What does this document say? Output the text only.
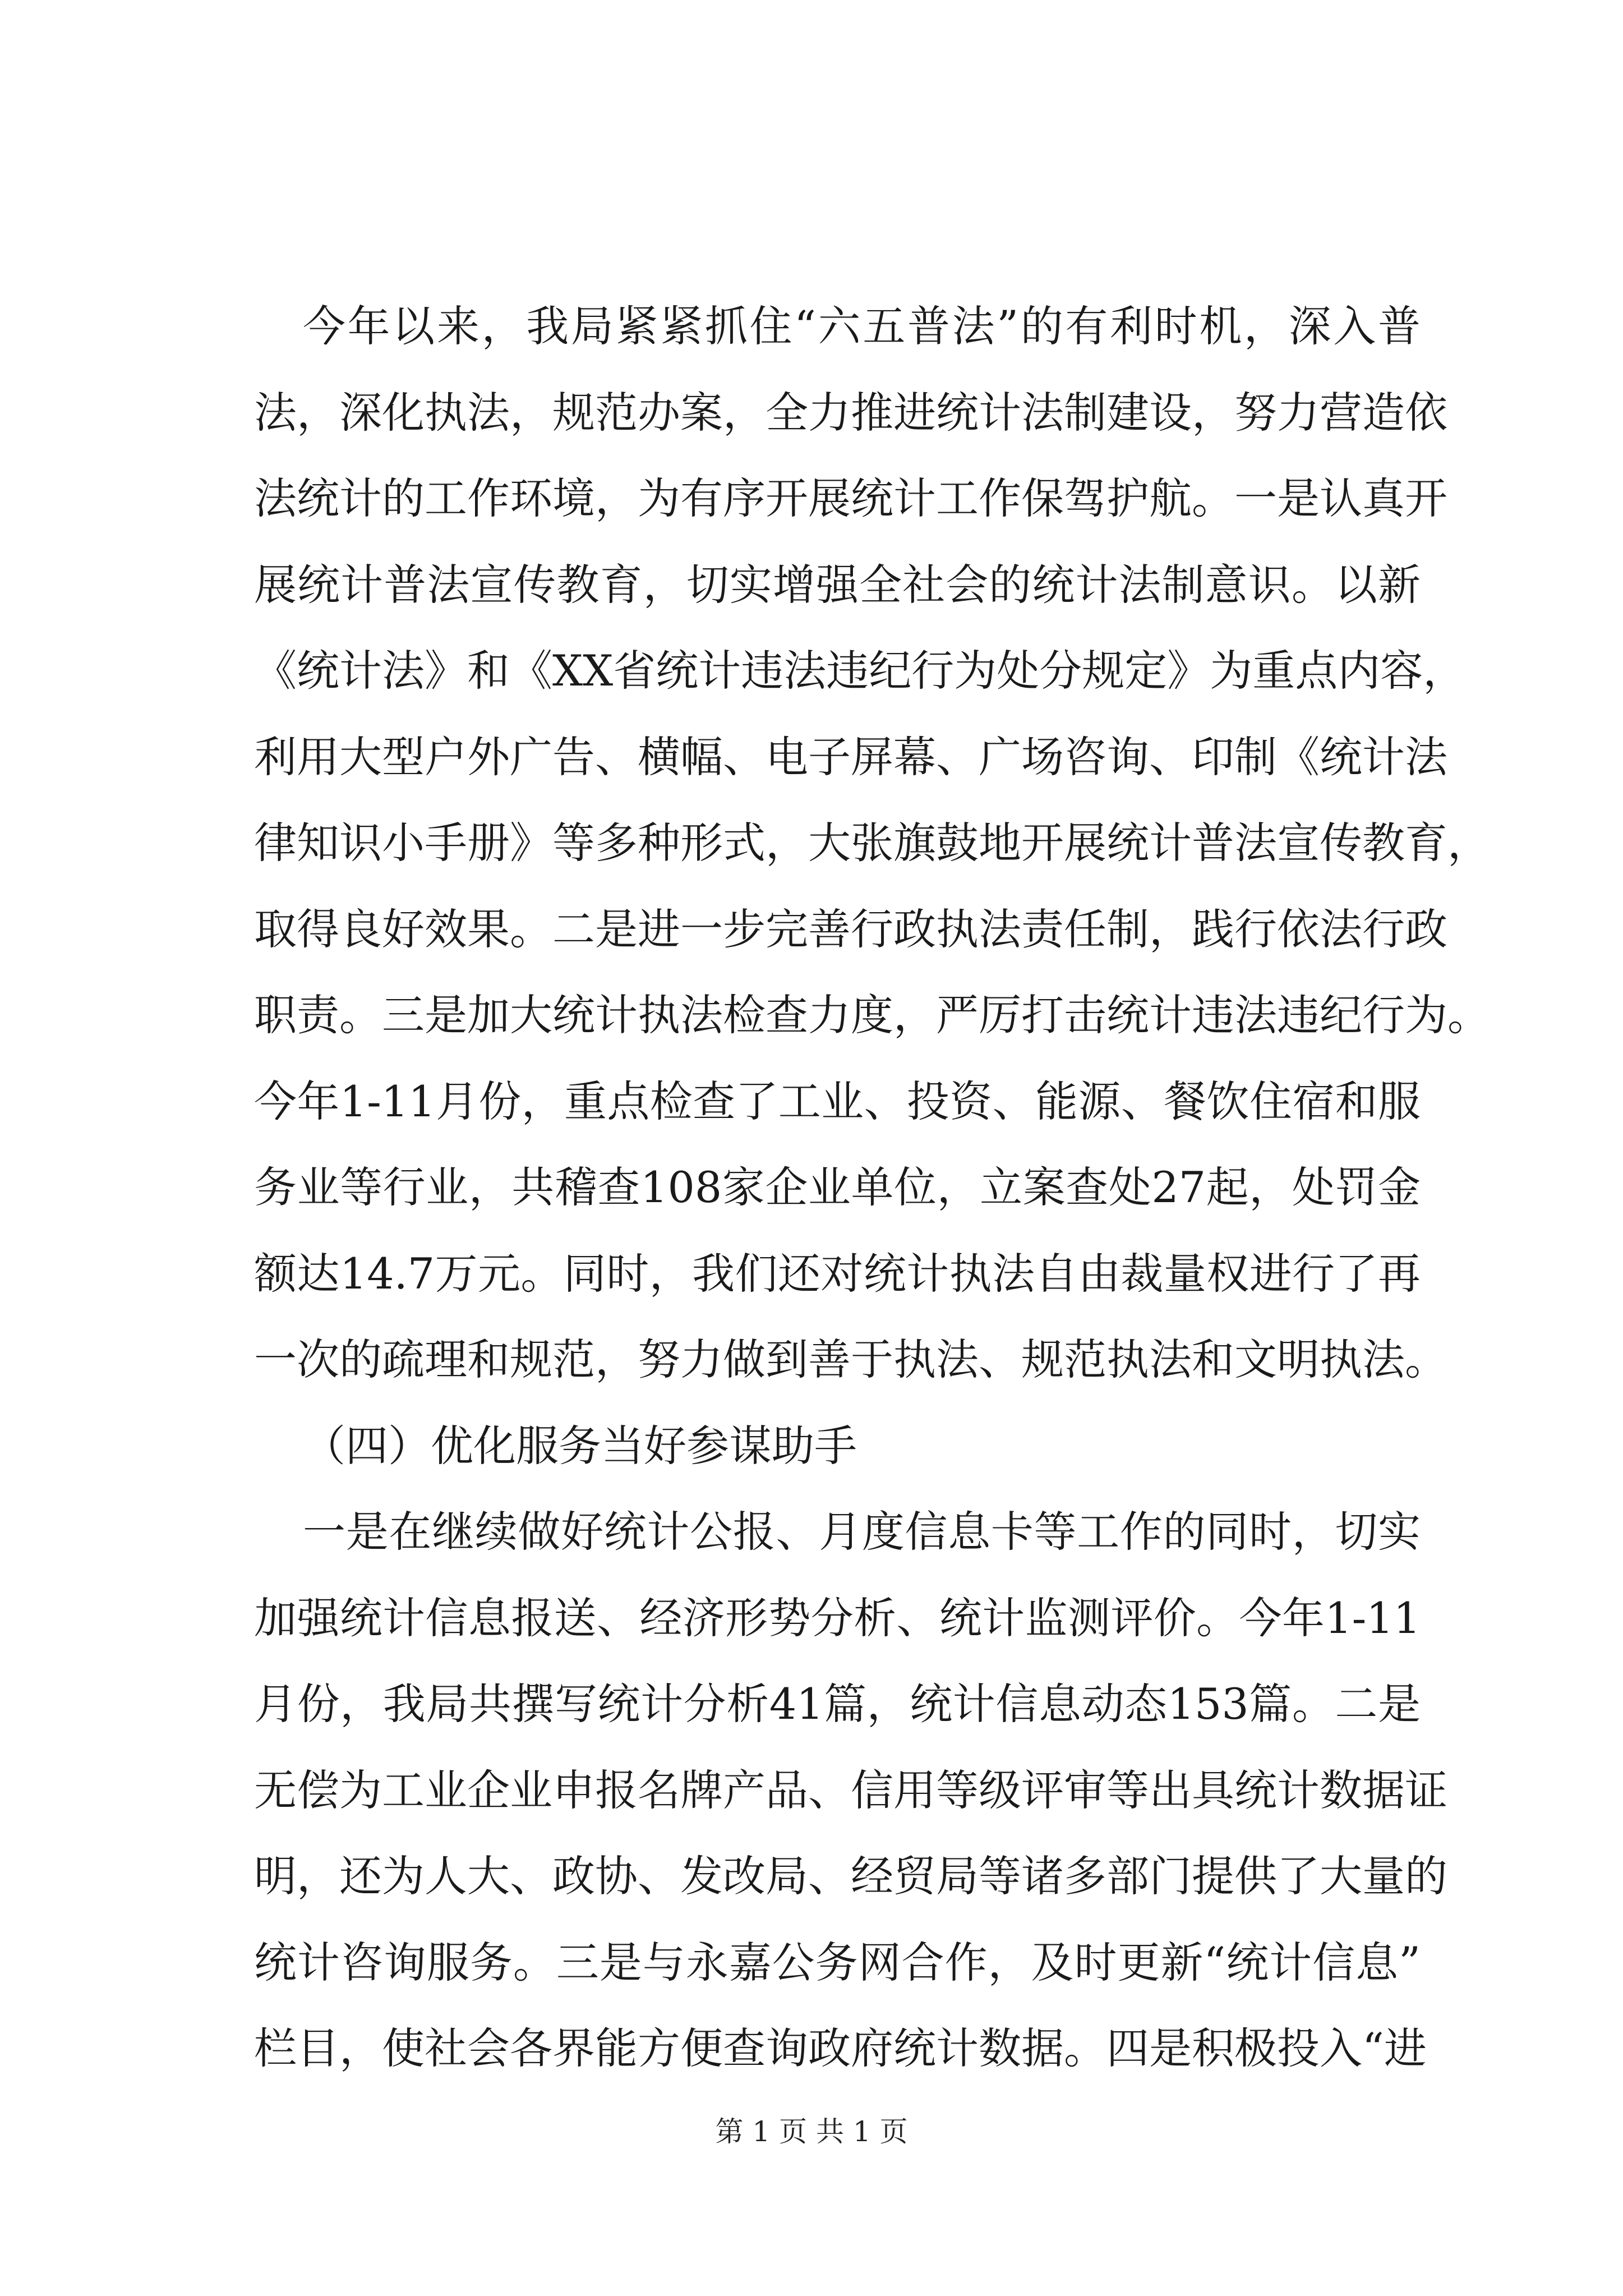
今年以来，我局紧紧抓住“六五普法”的有利时机，深入普
法，深化执法，规范办案，全力推进统计法制建设，努力营造依
法统计的工作环境，为有序开展统计工作保驾护航。一是认真开
展统计普法宣传教育，切实增强全社会的统计法制意识。以新
《统计法》和《XX省统计违法违纪行为处分规定》为重点内容，
利用大型户外广告、横幅、电子屏幕、广场咨询、印制《统计法
律知识小手册》等多种形式，大张旗鼓地开展统计普法宣传教育，
取得良好效果。二是进一步完善行政执法责任制，践行依法行政
职责。三是加大统计执法检查力度，严厉打击统计违法违纪行为。
今年1-11月份，重点检查了工业、投资、能源、餐饮住宿和服
务业等行业，共稽查108家企业单位，立案查处27起，处罚金
额达14.7万元。同时，我们还对统计执法自由裁量权进行了再
一次的疏理和规范，努力做到善于执法、规范执法和文明执法。
（四）优化服务当好参谋助手
一是在继续做好统计公报、月度信息卡等工作的同时，切实
加强统计信息报送、经济形势分析、统计监测评价。今年1-11
月份，我局共撰写统计分析41篇，统计信息动态153篇。二是
无偿为工业企业申报名牌产品、信用等级评审等出具统计数据证
明，还为人大、政协、发改局、经贸局等诸多部门提供了大量的
统计咨询服务。三是与永嘉公务网合作，及时更新“统计信息”
栏目，使社会各界能方便查询政府统计数据。四是积极投入“进
第 1 页 共 1 页
